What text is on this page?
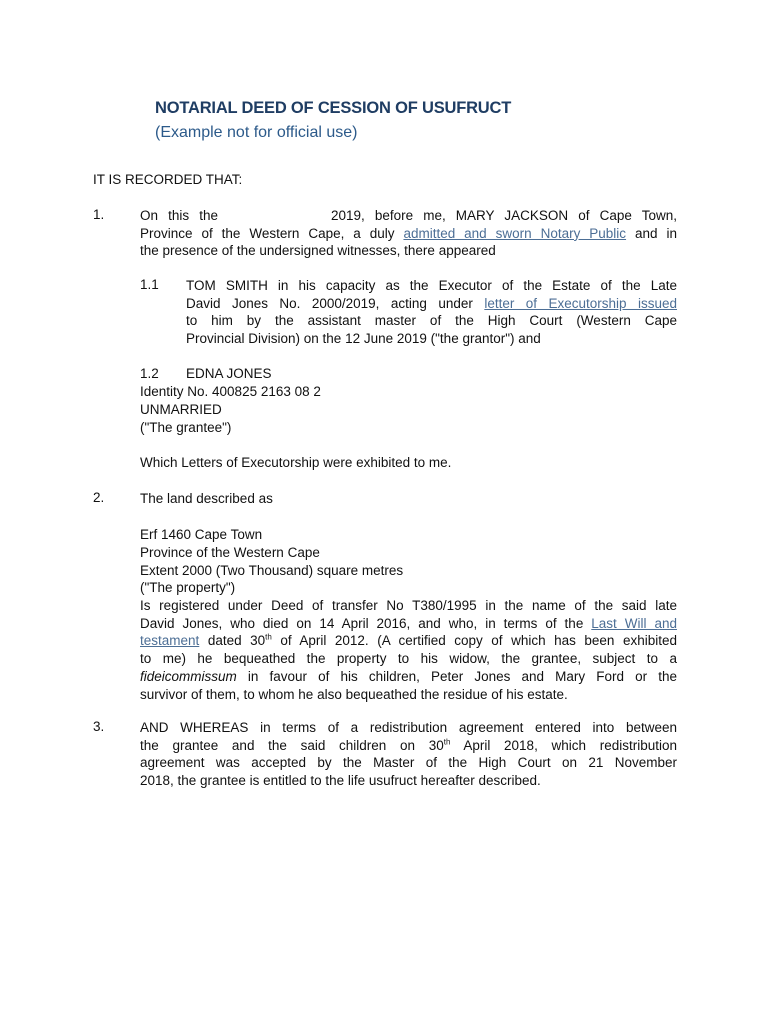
NOTARIAL DEED OF CESSION OF USUFRUCT
(Example not for official use)
IT IS RECORDED THAT:
1.	On this the	2019, before me, MARY JACKSON of Cape Town,
Province of the Western Cape, a duly admitted and sworn Notary Public and in
the presence of the undersigned witnesses, there appeared
1.1 TOM SMITH in his capacity as the Executor of the Estate of the Late
David Jones No. 2000/2019, acting under letter of Executorship issued
to him by the assistant master of the High Court (Western Cape
Provincial Division) on the 12 June 2019 ("the grantor") and
1.2 EDNA JONES
Identity No. 400825 2163 08 2
UNMARRIED
("The grantee")
Which Letters of Executorship were exhibited to me.
2.	The land described as
Erf 1460 Cape Town
Province of the Western Cape
Extent 2000 (Two Thousand) square metres
("The property")
Is registered under Deed of transfer No T380/1995 in the name of the said late
David Jones, who died on 14 April 2016, and who, in terms of the Last Will and
testament dated 30th of April 2012. (A certified copy of which has been exhibited
to me) he bequeathed the property to his widow, the grantee, subject to a
fideicommissum in favour of his children, Peter Jones and Mary Ford or the
survivor of them, to whom he also bequeathed the residue of his estate.
3.	AND WHEREAS in terms of a redistribution agreement entered into between
the grantee and the said children on 30th April 2018, which redistribution
agreement was accepted by the Master of the High Court on 21 November
2018, the grantee is entitled to the life usufruct hereafter described.
